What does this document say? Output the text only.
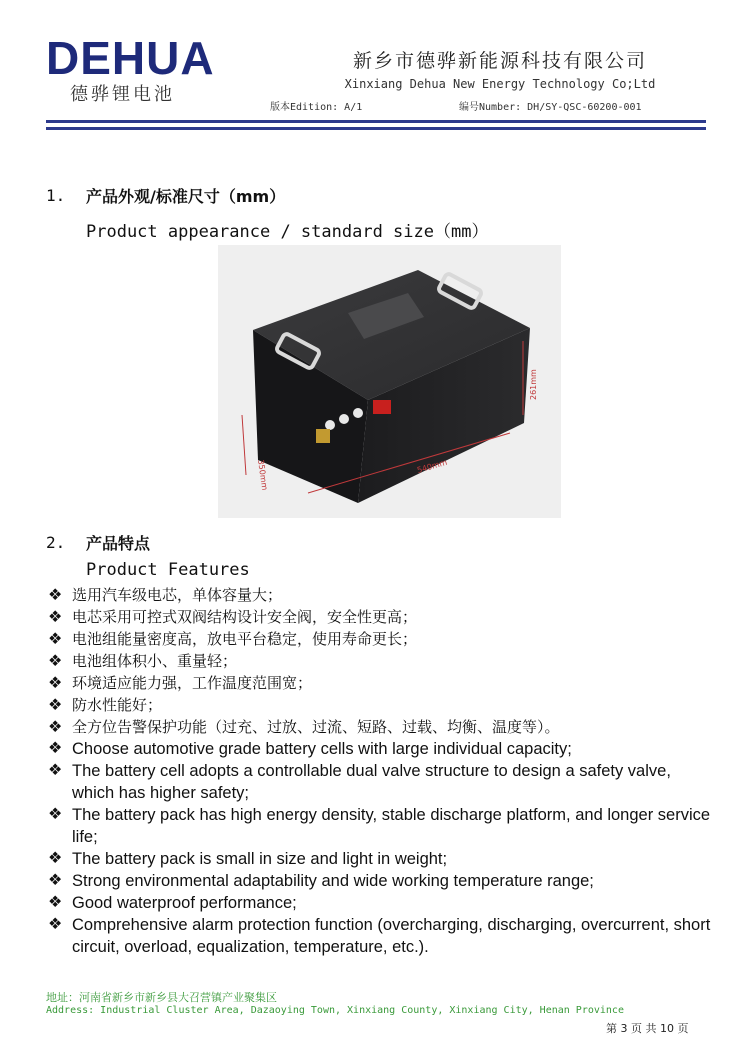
DEHUA
德骅锂电池
新乡市德骅新能源科技有限公司
Xinxiang Dehua New Energy Technology Co;Ltd
版本Edition: A/1	编号Number: DH/SY-QSC-60200-001
1. 产品外观/标准尺寸（mm）
Product appearance / standard size（mm）
350mm	540mm
261mm
2. 产品特点
Product Features
❖ 选用汽车级电芯，单体容量大；
❖ 电芯采用可控式双阀结构设计安全阀，安全性更高；
❖ 电池组能量密度高，放电平台稳定，使用寿命更长；
❖ 电池组体积小、重量轻；
❖ 环境适应能力强，工作温度范围宽；
❖ 防水性能好；
❖ 全方位告警保护功能（过充、过放、过流、短路、过载、均衡、温度等）。
❖ Choose automotive grade battery cells with large individual capacity;
❖ The battery cell adopts a controllable dual valve structure to design a safety valve, which has higher safety;
❖ The battery pack has high energy density, stable discharge platform, and longer service life;
❖ The battery pack is small in size and light in weight;
❖ Strong environmental adaptability and wide working temperature range;
❖ Good waterproof performance;
❖ Comprehensive alarm protection function (overcharging, discharging, overcurrent, short circuit, overload, equalization, temperature, etc.).
地址：河南省新乡市新乡县大召营镇产业聚集区
Address: Industrial Cluster Area, Dazaoying Town, Xinxiang County, Xinxiang City, Henan Province
第 3 页 共 10 页
